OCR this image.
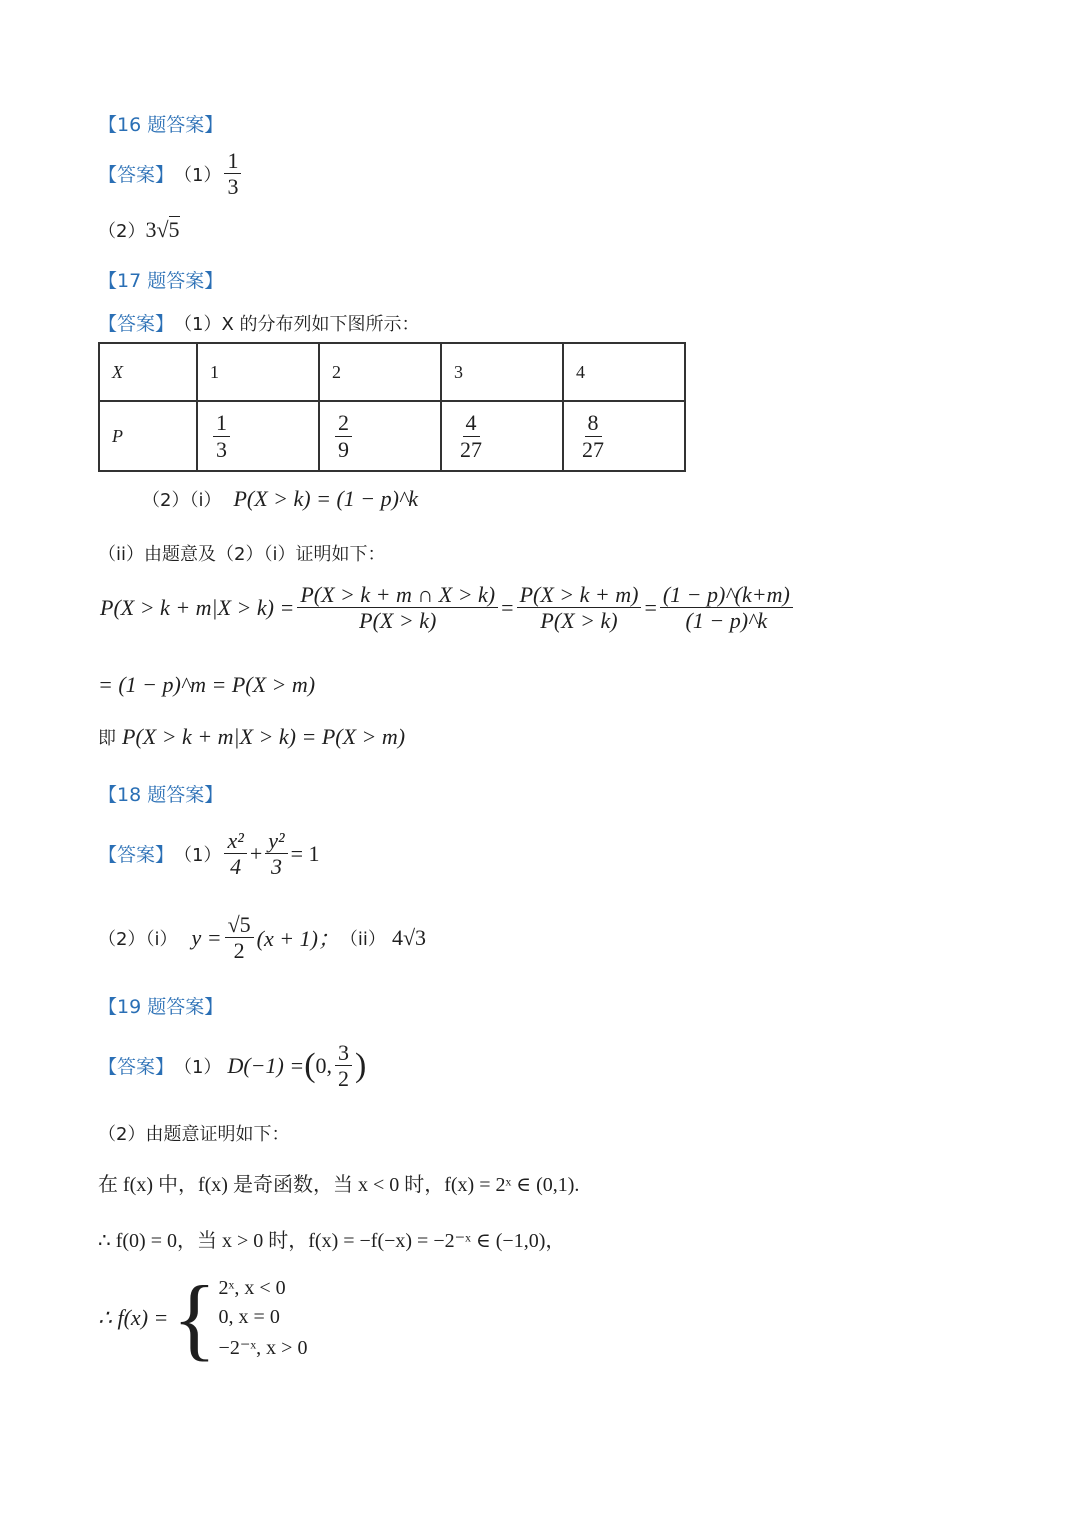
【16 题答案】
【答案】 $(1) \frac{1}{3}$
（2） 3 √ 5
【17 题答案】
【答案】 （1）X 的分布列如下图所示：
X	1	2	3	4
P	$\frac{1}{3}$	$\frac{2}{9}$	$\frac{4}{27}$	$\frac{8}{27}$
（2）（i） P(X > k) = (1 − p)^k
（ii）由题意及（2）（i）证明如下：
$P(X > k + m|X > k) = \frac{P(X > k + m \cap X > k)}{P(X > k)} = \frac{P(X > k + m)}{P(X > k)} = \frac{(1 - p)\^{}(k+m)}{(1 - p)\^{}k}$
= (1 − p)^m = P(X > m)
即 P(X > k + m|X > k) = P(X > m)
【18 题答案】
【答案】 $(1) \frac{\text{x²}}{4} + \frac{\text{y²}}{3} = 1$
（2）（i） $y = \frac{√5}{2} (x + 1)$； （ii） 4√3
【19 题答案】
【答案】 （1） D(−1) = ( 0, $\frac{3}{2}$ )
（2）由题意证明如下：
在 f(x) 中，f(x) 是奇函数，当 x < 0 时，f(x) = 2ˣ ∈ (0,1).
∴ f(0) = 0，当 x > 0 时，f(x) = −f(−x) = −2⁻ˣ ∈ (−1,0)，
∴ f(x) = { 2ˣ, x < 0
0, x = 0
−2⁻ˣ, x > 0
